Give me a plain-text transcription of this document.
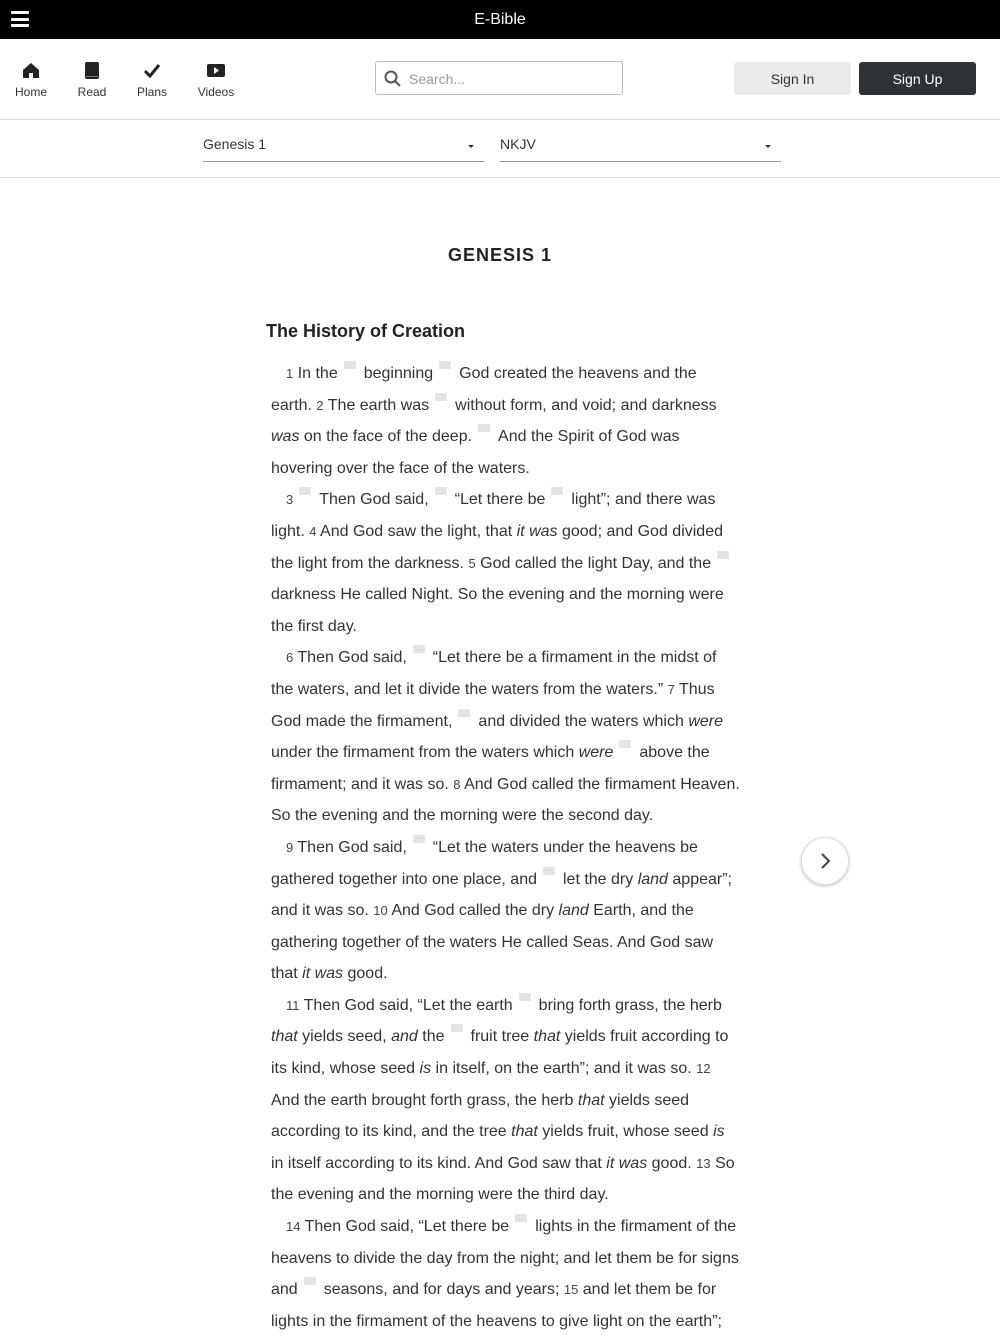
E-Bible
Home	Read	Plans	Videos
Search...
Sign In	Sign Up
Genesis 1	NKJV
GENESIS 1
The History of Creation

1 In the beginning God created the heavens and the earth. 2 The earth was without form, and void; and darkness was on the face of the deep. And the Spirit of God was hovering over the face of the waters.

3 Then God said, “Let there be light”; and there was light. 4 And God saw the light, that it was good; and God divided the light from the darkness. 5 God called the light Day, and thedarkness He called Night. So the evening and the morning were the first day.

6 Then God said, “Let there be a firmament in the midst of the waters, and let it divide the waters from the waters.” 7 Thus God made the firmament, and divided the waters which were under the firmament from the waters which were above the firmament; and it was so. 8 And God called the firmament Heaven. So the evening and the morning were the second day.

9 Then God said, “Let the waters under the heavens be gathered together into one place, and let the dry land appear”; and it was so. 10 And God called the dry land Earth, and the gathering together of the waters He called Seas. And God saw that it was good.

11 Then God said, “Let the earth bring forth grass, the herb that yields seed, and the fruit tree that yields fruit according to its kind, whose seed is in itself, on the earth”; and it was so. 12 And the earth brought forth grass, the herb that yields seed according to its kind, and the tree that yields fruit, whose seed is in itself according to its kind. And God saw that it was good. 13 So the evening and the morning were the third day.

14 Then God said, “Let there be lights in the firmament of the heavens to divide the day from the night; and let them be for signs and seasons, and for days and years; 15 and let them be for lights in the firmament of the heavens to give light on the earth”;
